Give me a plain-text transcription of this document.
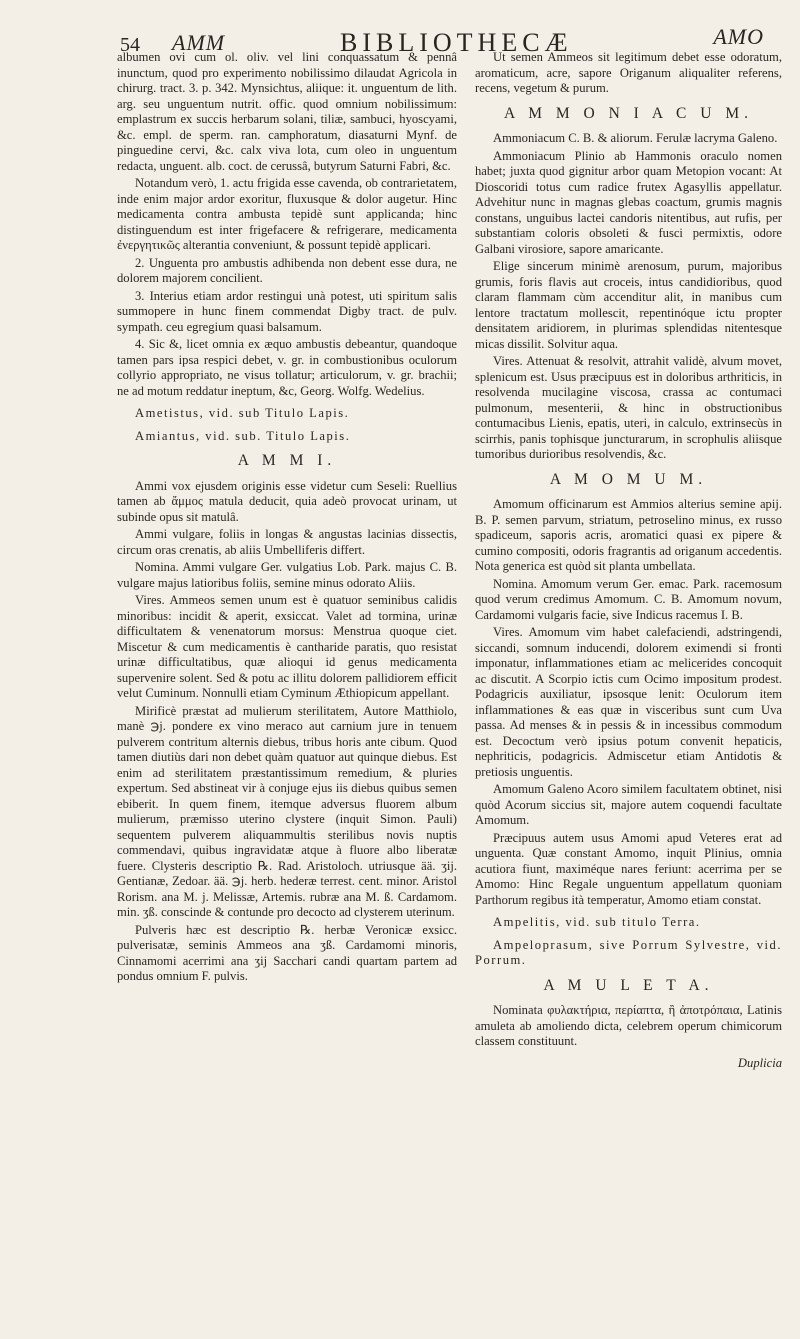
54 AMM	BIBLIOTHECÆ	AMO

albumen ovi cum ol. oliv. vel lini conquassatum & pennâ inunctum, quod pro experimento nobilissimo dilaudat Agricola in chirurg. tract. 3. p. 342. Mynsichtus, aliique: it. unguentum de lith. arg. seu unguentum nutrit. offic. quod omnium nobilissimum: emplastrum ex succis herbarum solani, tiliæ, sambuci, hyoscyami, &c. empl. de sperm. ran. camphoratum, diasaturni Mynf. de pinguedine cervi, &c. calx viva lota, cum oleo in unguentum redacta, unguent. alb. coct. de cerussâ, butyrum Saturni Fabri, &c.

Notandum verò, 1. actu frigida esse cavenda, ob contrarietatem, inde enim major ardor exoritur, fluxusque & dolor augetur. Hinc medicamenta contra ambusta tepidè sunt applicanda; hinc distinguendum est inter frigefacere & refrigerare, medicamenta ἐνεργητικῶς alterantia conveniunt, & possunt tepidè applicari.

2. Unguenta pro ambustis adhibenda non debent esse dura, ne dolorem majorem concilient.

3. Interius etiam ardor restingui unà potest, uti spiritum salis summopere in hunc finem commendat Digby tract. de pulv. sympath. ceu egregium quasi balsamum.

4. Sic &, licet omnia ex æquo ambustis debeantur, quandoque tamen pars ipsa respici debet, v. gr. in combustionibus oculorum collyrio appropriato, ne visus tollatur; articulorum, v. gr. brachii; ne ad motum reddatur ineptum, &c, Georg. Wolfg. Wedelius.

Ametistus, vid. sub Titulo Lapis.
Amiantus, vid. sub. Titulo Lapis.
A M M I.

Ammi vox ejusdem originis esse videtur cum Seseli: Ruellius tamen ab ἄμμος matula deducit, quia adeò provocat urinam, ut subinde opus sit matulâ.

Ammi vulgare, foliis in longas & angustas lacinias dissectis, circum oras crenatis, ab aliis Umbelliferis differt.

Nomina. Ammi vulgare Ger. vulgatius Lob. Park. majus C. B. vulgare majus latioribus foliis, semine minus odorato Aliis.

Vires. Ammeos semen unum est è quatuor seminibus calidis minoribus: incidit & aperit, exsiccat. Valet ad tormina, urinæ difficultatem & venenatorum morsus: Menstrua quoque ciet. Miscetur & cum medicamentis è cantharide paratis, quo resistat urinæ difficultatibus, quæ alioqui id genus medicamenta supervenire solent. Sed & potu ac illitu dolorem pallidiorem efficit velut Cuminum. Nonnulli etiam Cyminum Æthiopicum appellant.

Mirificè præstat ad mulierum sterilitatem, Autore Matthiolo, manè ℈j. pondere ex vino meraco aut carnium jure in tenuem pulverem contritum alternis diebus, tribus horis ante cibum. Quod tamen diutiùs dari non debet quàm quatuor aut quinque diebus. Est enim ad sterilitatem præstantissimum remedium, & pluries expertum. Sed abstineat vir à conjuge ejus iis diebus quibus semen ebiberit. In quem finem, itemque adversus fluorem album mulierum, præmisso uterino clystere (inquit Simon. Pauli) sequentem pulverem aliquammultis sterilibus novis nuptis commendavi, quibus ingravidatæ atque à fluore albo liberatæ fuere. Clysteris descriptio ℞. Rad. Aristoloch. utriusque ää. ʒij. Gentianæ, Zedoar. ää. ℈j. herb. hederæ terrest. cent. minor. Aristol Rorism. ana M. j. Melissæ, Artemis. rubræ ana M. ß. Cardamom. min. ʒß. conscinde & contunde pro decocto ad clysterem uterinum.

Pulveris hæc est descriptio ℞. herbæ Veronicæ exsicc. pulverisatæ, seminis Ammeos ana ʒß. Cardamomi minoris, Cinnamomi acerrimi ana ʒij Sacchari candi quartam partem ad pondus omnium F. pulvis.

Ut semen Ammeos sit legitimum debet esse odoratum, aromaticum, acre, sapore Origanum aliqualiter referens, recens, vegetum & purum.

A M M O N I A C U M.

Ammoniacum C. B. & aliorum. Ferulæ lacryma Galeno.

Ammoniacum Plinio ab Hammonis oraculo nomen habet; juxta quod gignitur arbor quam Metopion vocant: At Dioscoridi totus cum radice frutex Agasyllis appellatur. Advehitur nunc in magnas glebas coactum, grumis magnis constans, unguibus lactei candoris nitentibus, aut rufis, per substantiam coloris obsoleti & fusci permixtis, odore Galbani virosiore, sapore amaricante.

Elige sincerum minimè arenosum, purum, majoribus grumis, foris flavis aut croceis, intus candidioribus, quod claram flammam cùm accenditur alit, in manibus cum lentore tractatum mollescit, repentinóque ictu propter densitatem aridiorem, in plurimas splendidas nitentesque micas dissilit. Solvitur aqua.

Vires. Attenuat & resolvit, attrahit validè, alvum movet, splenicum est. Usus præcipuus est in doloribus arthriticis, in resolvenda mucilagine viscosa, crassa ac contumaci pulmonum, mesenterii, & hinc in obstructionibus contumacibus Lienis, epatis, uteri, in calculo, extrinsecùs in scirrhis, panis tophisque juncturarum, in scrophulis aliisque tumoribus durioribus resolvendis, &c.

A M O M U M.

Amomum officinarum est Ammios alterius semine apij. B. P. semen parvum, striatum, petroselino minus, ex russo spadiceum, saporis acris, aromatici quasi ex pipere & cumino compositi, odoris fragrantis ad origanum accedentis. Nota generica est quòd sit planta umbellata.

Nomina. Amomum verum Ger. emac. Park. racemosum quod verum credimus Amomum. C. B. Amomum novum, Cardamomi vulgaris facie, sive Indicus racemus I. B.

Vires. Amomum vim habet calefaciendi, adstringendi, siccandi, somnum inducendi, dolorem eximendi si fronti imponatur, inflammationes etiam ac melicerides concoquit ac discutit. A Scorpio ictis cum Ocimo impositum prodest. Podagricis auxiliatur, ipsosque lenit: Oculorum item inflammationes & eas quæ in visceribus sunt cum Uva passa. Ad menses & in pessis & in incessibus commodum est. Decoctum verò ipsius potum convenit hepaticis, nephriticis, podagricis. Admiscetur etiam Antidotis & pretiosis unguentis.

Amomum Galeno Acoro similem facultatem obtinet, nisi quòd Acorum siccius sit, majore autem coquendi facultate Amomum.

Præcipuus autem usus Amomi apud Veteres erat ad unguenta. Quæ constant Amomo, inquit Plinius, omnia acutiora fiunt, maximéque nares feriunt: acerrima per se Amomo: Hinc Regale unguentum appellatum quoniam Parthorum regibus ità temperatur, Amomo etiam constat.

Ampelitis, vid. sub titulo Terra.
Ampeloprasum, sive Porrum Sylvestre, vid. Porrum.
A M U L E T A.

Nominata φυλακτήρια, περίαπτα, ἢ ἀποτρόπαια, Latinis amuleta ab amoliendo dicta, celebrem operum chimicorum classem constituunt.

Duplicia
